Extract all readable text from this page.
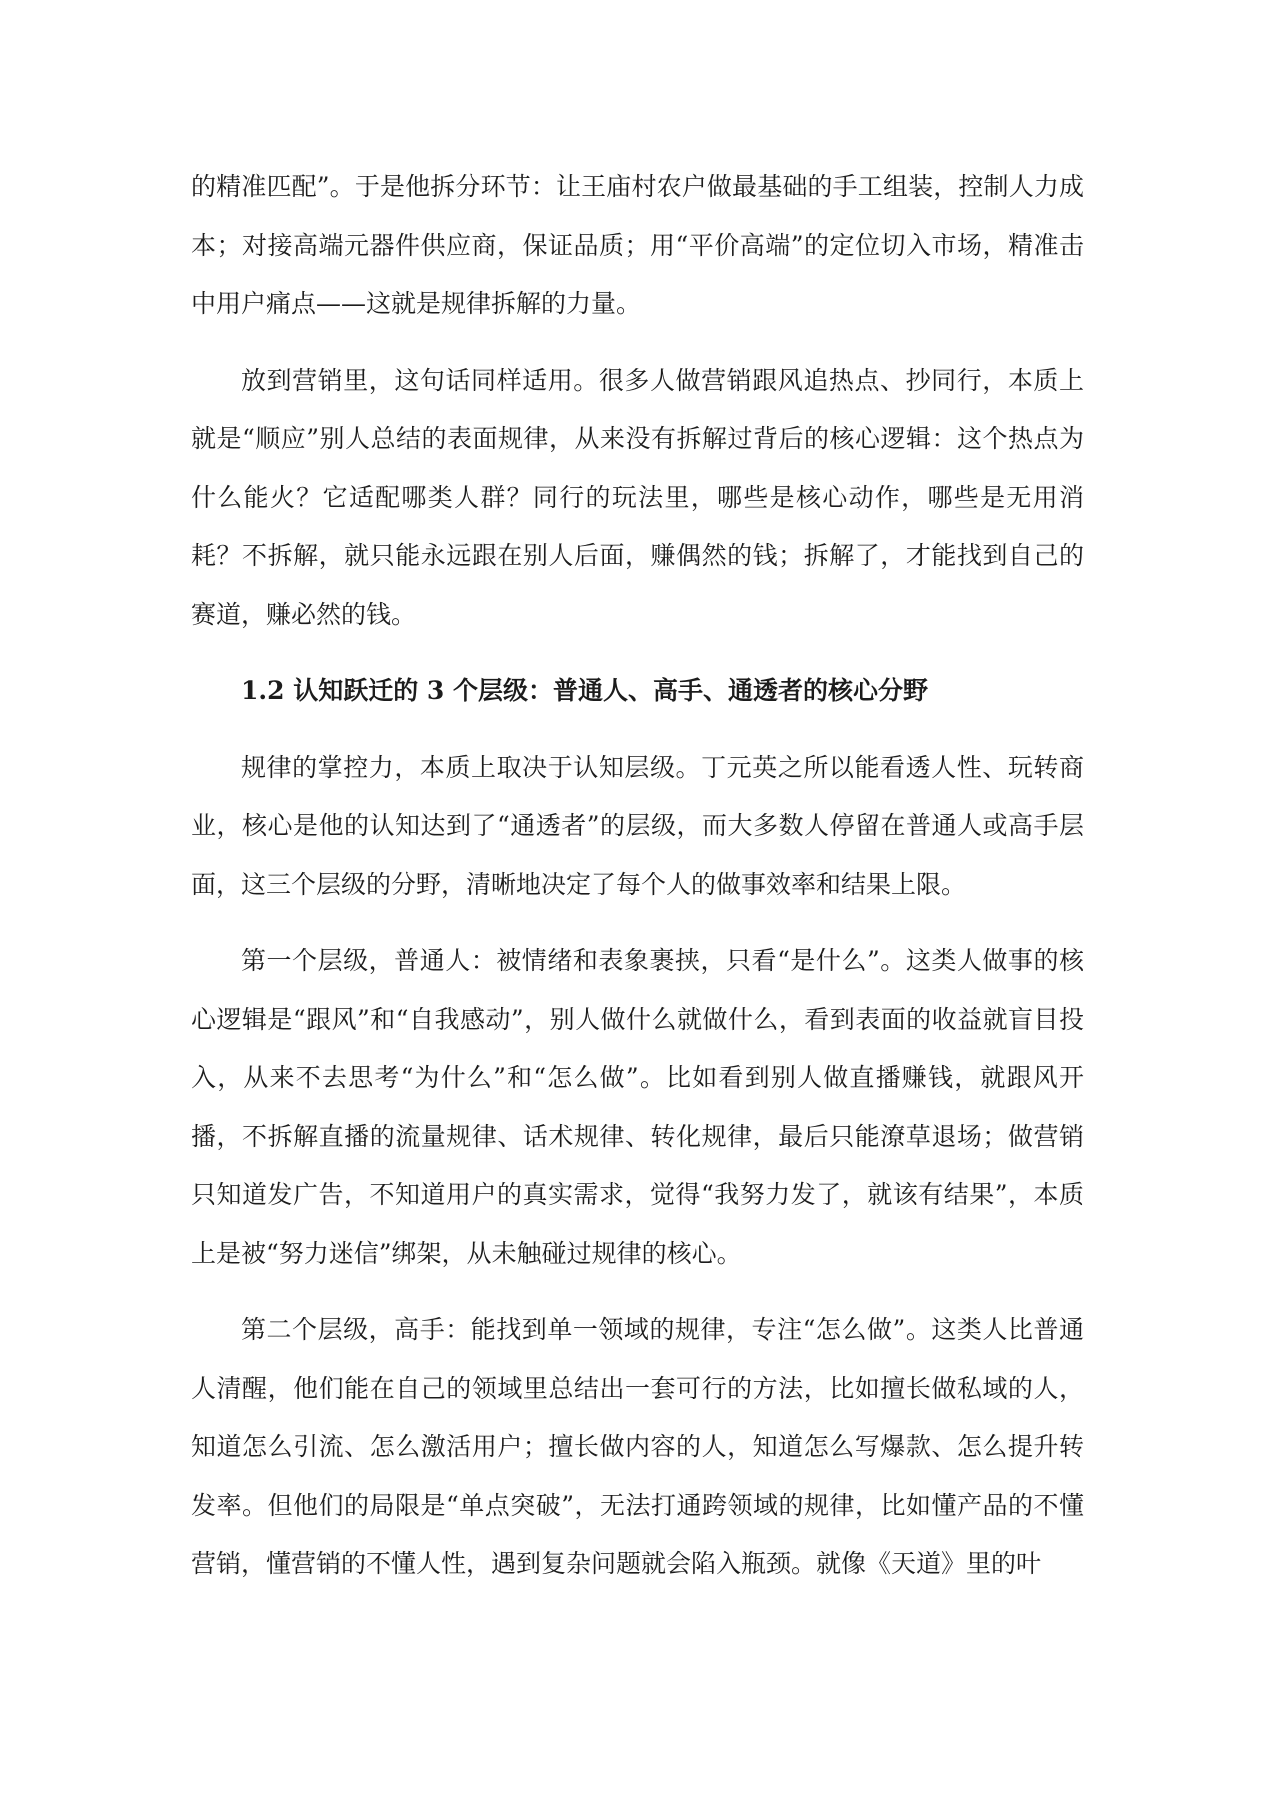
的精准匹配”。于是他拆分环节：让王庙村农户做最基础的手工组装，控制人力成本；对接高端元器件供应商，保证品质；用“平价高端”的定位切入市场，精准击中用户痛点——这就是规律拆解的力量。

放到营销里，这句话同样适用。很多人做营销跟风追热点、抄同行，本质上就是“顺应”别人总结的表面规律，从来没有拆解过背后的核心逻辑：这个热点为什么能火？它适配哪类人群？同行的玩法里，哪些是核心动作，哪些是无用消耗？不拆解，就只能永远跟在别人后面，赚偶然的钱；拆解了，才能找到自己的赛道，赚必然的钱。

1.2 认知跃迁的 3 个层级：普通人、高手、通透者的核心分野

规律的掌控力，本质上取决于认知层级。丁元英之所以能看透人性、玩转商业，核心是他的认知达到了“通透者”的层级，而大多数人停留在普通人或高手层面，这三个层级的分野，清晰地决定了每个人的做事效率和结果上限。

第一个层级，普通人：被情绪和表象裹挟，只看“是什么”。这类人做事的核心逻辑是“跟风”和“自我感动”，别人做什么就做什么，看到表面的收益就盲目投入，从来不去思考“为什么”和“怎么做”。比如看到别人做直播赚钱，就跟风开播，不拆解直播的流量规律、话术规律、转化规律，最后只能潦草退场；做营销只知道发广告，不知道用户的真实需求，觉得“我努力发了，就该有结果”，本质上是被“努力迷信”绑架，从未触碰过规律的核心。

第二个层级，高手：能找到单一领域的规律，专注“怎么做”。这类人比普通人清醒，他们能在自己的领域里总结出一套可行的方法，比如擅长做私域的人，知道怎么引流、怎么激活用户；擅长做内容的人，知道怎么写爆款、怎么提升转发率。但他们的局限是“单点突破”，无法打通跨领域的规律，比如懂产品的不懂营销，懂营销的不懂人性，遇到复杂问题就会陷入瓶颈。就像《天道》里的叶
